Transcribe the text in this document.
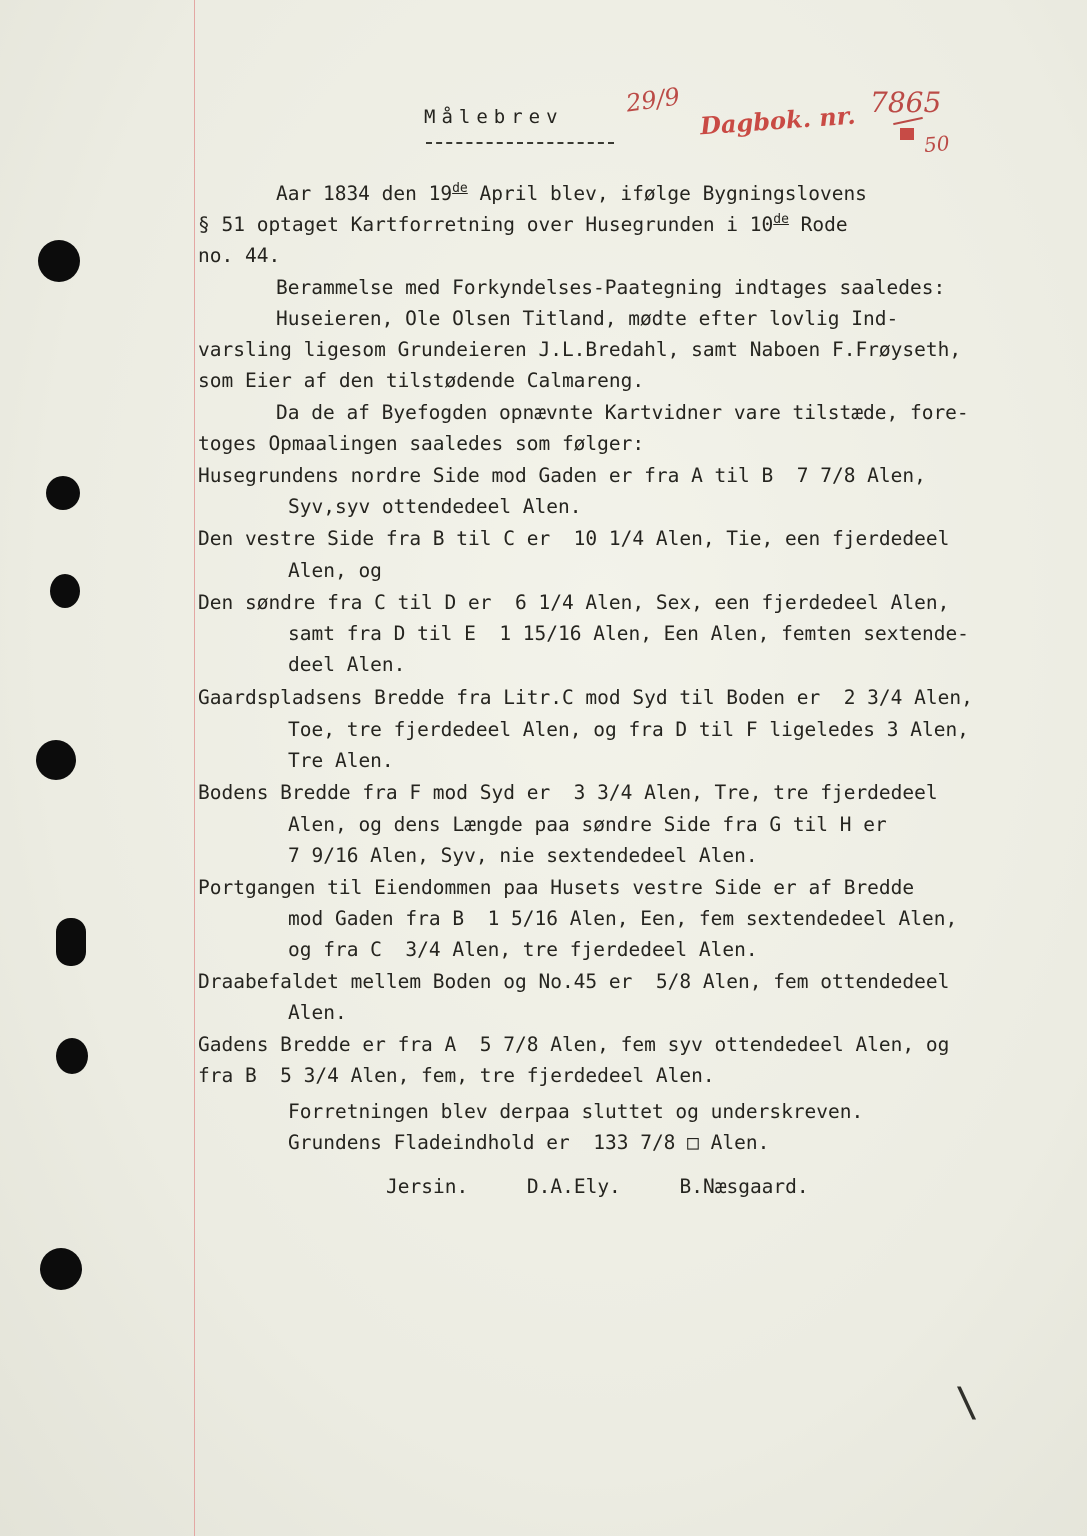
Målebrev	29/9
Dagbok. nr. 7865
50
Aar 1834 den 19de April blev, ifølge Bygningslovens
§ 51 optaget Kartforretning over Husegrunden i 10de Rode
no. 44.
Berammelse med Forkyndelses-Paategning indtages saaledes:
Huseieren, Ole Olsen Titland, mødte efter lovlig Ind-
varsling ligesom Grundeieren J.L.Bredahl, samt Naboen F.Frøyseth,
som Eier af den tilstødende Calmareng.
Da de af Byefogden opnævnte Kartvidner vare tilstæde, fore-
toges Opmaalingen saaledes som følger:
Husegrundens nordre Side mod Gaden er fra A til B  7 7/8 Alen,
Syv,syv ottendedeel Alen.
Den vestre Side fra B til C er  10 1/4 Alen, Tie, een fjerdedeel
Alen, og
Den søndre fra C til D er  6 1/4 Alen, Sex, een fjerdedeel Alen,
samt fra D til E  1 15/16 Alen, Een Alen, femten sextende-
deel Alen.
Gaardspladsens Bredde fra Litr.C mod Syd til Boden er  2 3/4 Alen,
Toe, tre fjerdedeel Alen, og fra D til F ligeledes 3 Alen,
Tre Alen.
Bodens Bredde fra F mod Syd er  3 3/4 Alen, Tre, tre fjerdedeel
Alen, og dens Længde paa søndre Side fra G til H er
7 9/16 Alen, Syv, nie sextendedeel Alen.
Portgangen til Eiendommen paa Husets vestre Side er af Bredde
mod Gaden fra B  1 5/16 Alen, Een, fem sextendedeel Alen,
og fra C  3/4 Alen, tre fjerdedeel Alen.
Draabefaldet mellem Boden og No.45 er  5/8 Alen, fem ottendedeel
Alen.
Gadens Bredde er fra A  5 7/8 Alen, fem syv ottendedeel Alen, og
fra B  5 3/4 Alen, fem, tre fjerdedeel Alen.
Forretningen blev derpaa sluttet og underskreven.
Grundens Fladeindhold er  133 7/8 □ Alen.
Jersin.     D.A.Ely.     B.Næsgaard.
\
